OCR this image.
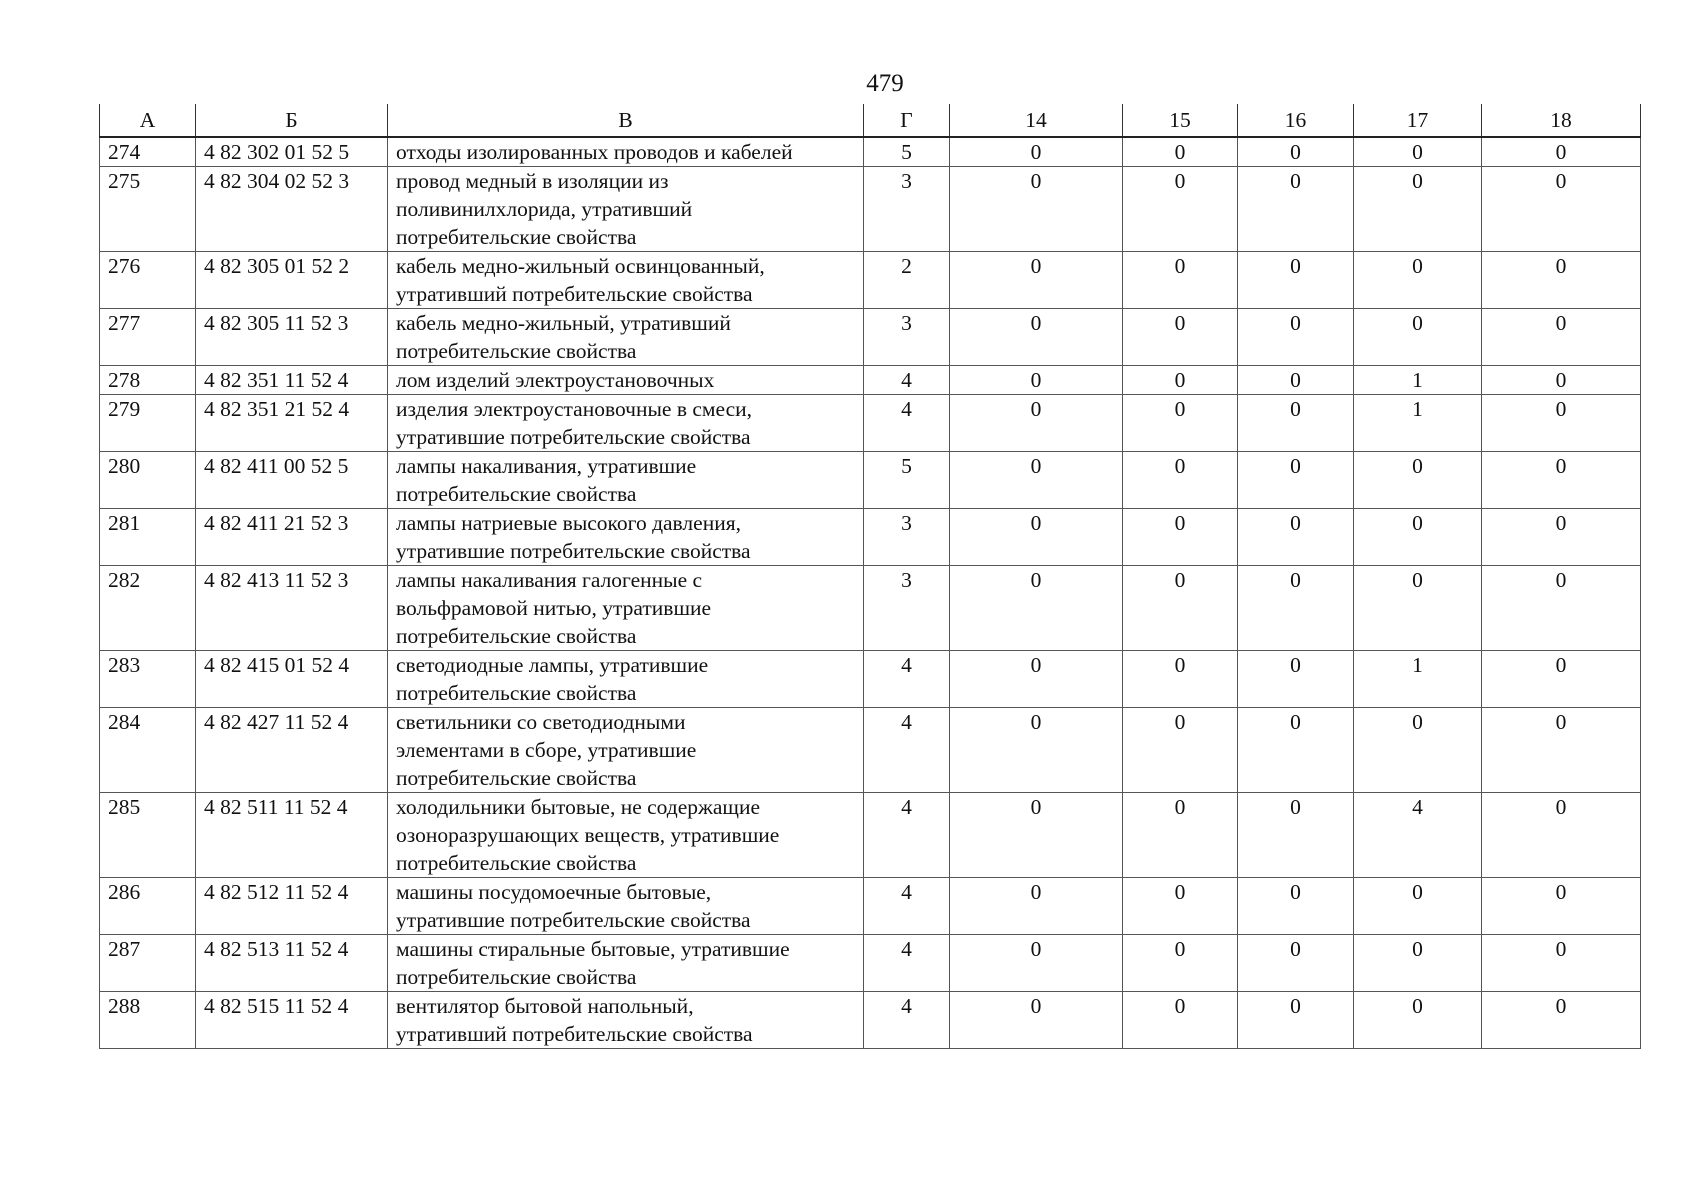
479
А	Б	В	Г	14	15	16	17	18
274	4 82 302 01 52 5	отходы изолированных проводов и кабелей	5	0	0	0	0	0
275	4 82 304 02 52 3	провод медный в изоляции из
поливинилхлорида, утративший
потребительские свойства	3	0	0	0	0	0
276	4 82 305 01 52 2	кабель медно-жильный освинцованный,
утративший потребительские свойства	2	0	0	0	0	0
277	4 82 305 11 52 3	кабель медно-жильный, утративший
потребительские свойства	3	0	0	0	0	0
278	4 82 351 11 52 4	лом изделий электроустановочных	4	0	0	0	1	0
279	4 82 351 21 52 4	изделия электроустановочные в смеси,
утратившие потребительские свойства	4	0	0	0	1	0
280	4 82 411 00 52 5	лампы накаливания, утратившие
потребительские свойства	5	0	0	0	0	0
281	4 82 411 21 52 3	лампы натриевые высокого давления,
утратившие потребительские свойства	3	0	0	0	0	0
282	4 82 413 11 52 3	лампы накаливания галогенные с
вольфрамовой нитью, утратившие
потребительские свойства	3	0	0	0	0	0
283	4 82 415 01 52 4	светодиодные лампы, утратившие
потребительские свойства	4	0	0	0	1	0
284	4 82 427 11 52 4	светильники со светодиодными
элементами в сборе, утратившие
потребительские свойства	4	0	0	0	0	0
285	4 82 511 11 52 4	холодильники бытовые, не содержащие
озоноразрушающих веществ, утратившие
потребительские свойства	4	0	0	0	4	0
286	4 82 512 11 52 4	машины посудомоечные бытовые,
утратившие потребительские свойства	4	0	0	0	0	0
287	4 82 513 11 52 4	машины стиральные бытовые, утратившие
потребительские свойства	4	0	0	0	0	0
288	4 82 515 11 52 4	вентилятор бытовой напольный,
утративший потребительские свойства	4	0	0	0	0	0
